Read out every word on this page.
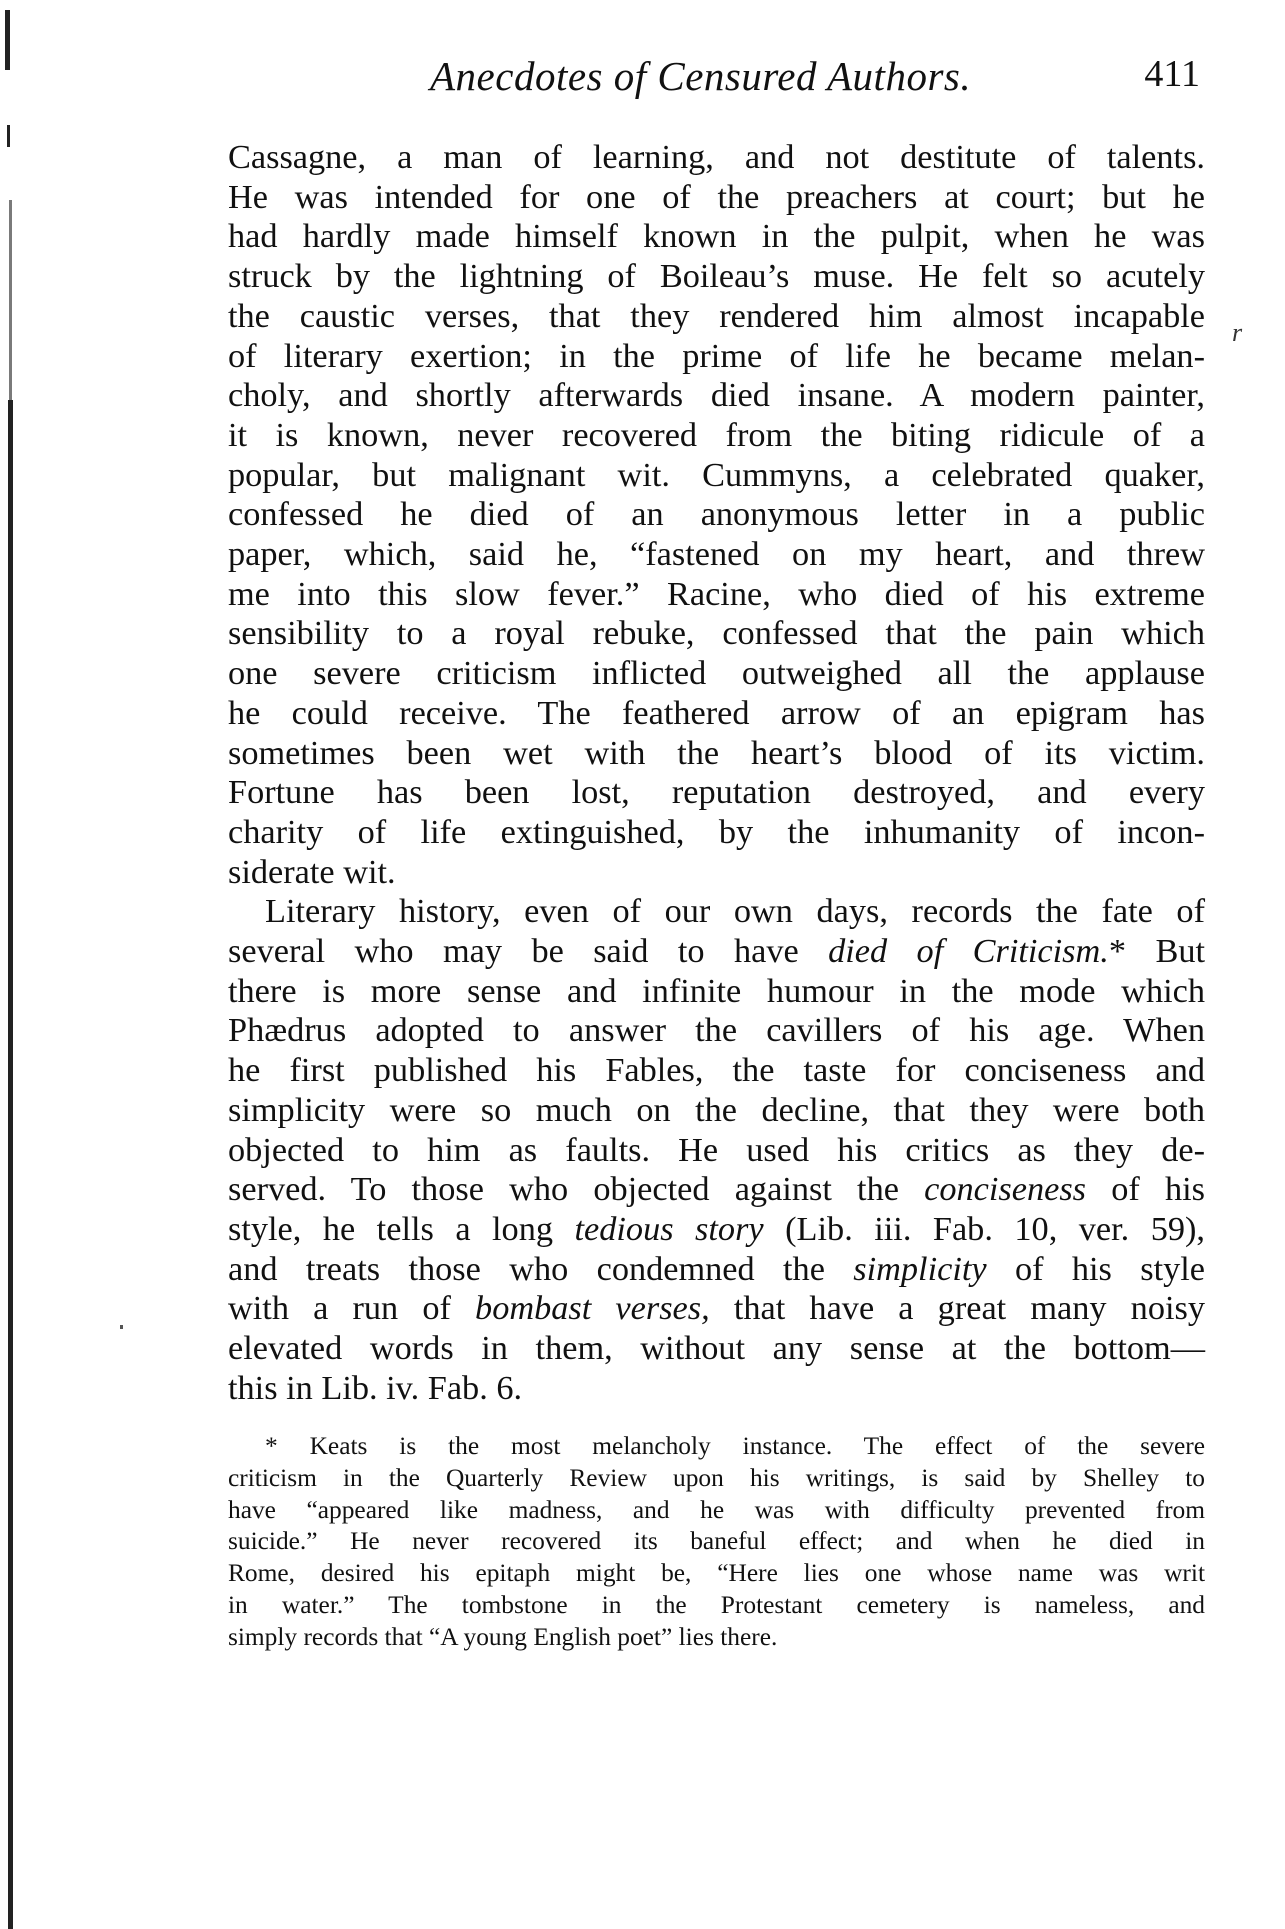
Anecdotes of Censured Authors.	411
Cassagne, a man of learning, and not destitute of talents.
He was intended for one of the preachers at court; but he
had hardly made himself known in the pulpit, when he was
struck by the lightning of Boileau’s muse. He felt so acutely
the caustic verses, that they rendered him almost incapable
of literary exertion; in the prime of life he became melan-
choly, and shortly afterwards died insane. A modern painter,
it is known, never recovered from the biting ridicule of a
popular, but malignant wit. Cummyns, a celebrated quaker,
confessed he died of an anonymous letter in a public
paper, which, said he, “fastened on my heart, and threw
me into this slow fever.” Racine, who died of his extreme
sensibility to a royal rebuke, confessed that the pain which
one severe criticism inflicted outweighed all the applause
he could receive. The feathered arrow of an epigram has
sometimes been wet with the heart’s blood of its victim.
Fortune has been lost, reputation destroyed, and every
charity of life extinguished, by the inhumanity of incon-
siderate wit.
Literary history, even of our own days, records the fate of
several who may be said to have died of Criticism.* But
there is more sense and infinite humour in the mode which
Phædrus adopted to answer the cavillers of his age. When
he first published his Fables, the taste for conciseness and
simplicity were so much on the decline, that they were both
objected to him as faults. He used his critics as they de-
served. To those who objected against the conciseness of his
style, he tells a long tedious story (Lib. iii. Fab. 10, ver. 59),
and treats those who condemned the simplicity of his style
with a run of bombast verses, that have a great many noisy
elevated words in them, without any sense at the bottom—
this in Lib. iv. Fab. 6.
r
* Keats is the most melancholy instance. The effect of the severe
criticism in the Quarterly Review upon his writings, is said by Shelley to
have “appeared like madness, and he was with difficulty prevented from
suicide.” He never recovered its baneful effect; and when he died in
Rome, desired his epitaph might be, “Here lies one whose name was writ
in water.” The tombstone in the Protestant cemetery is nameless, and
simply records that “A young English poet” lies there.
